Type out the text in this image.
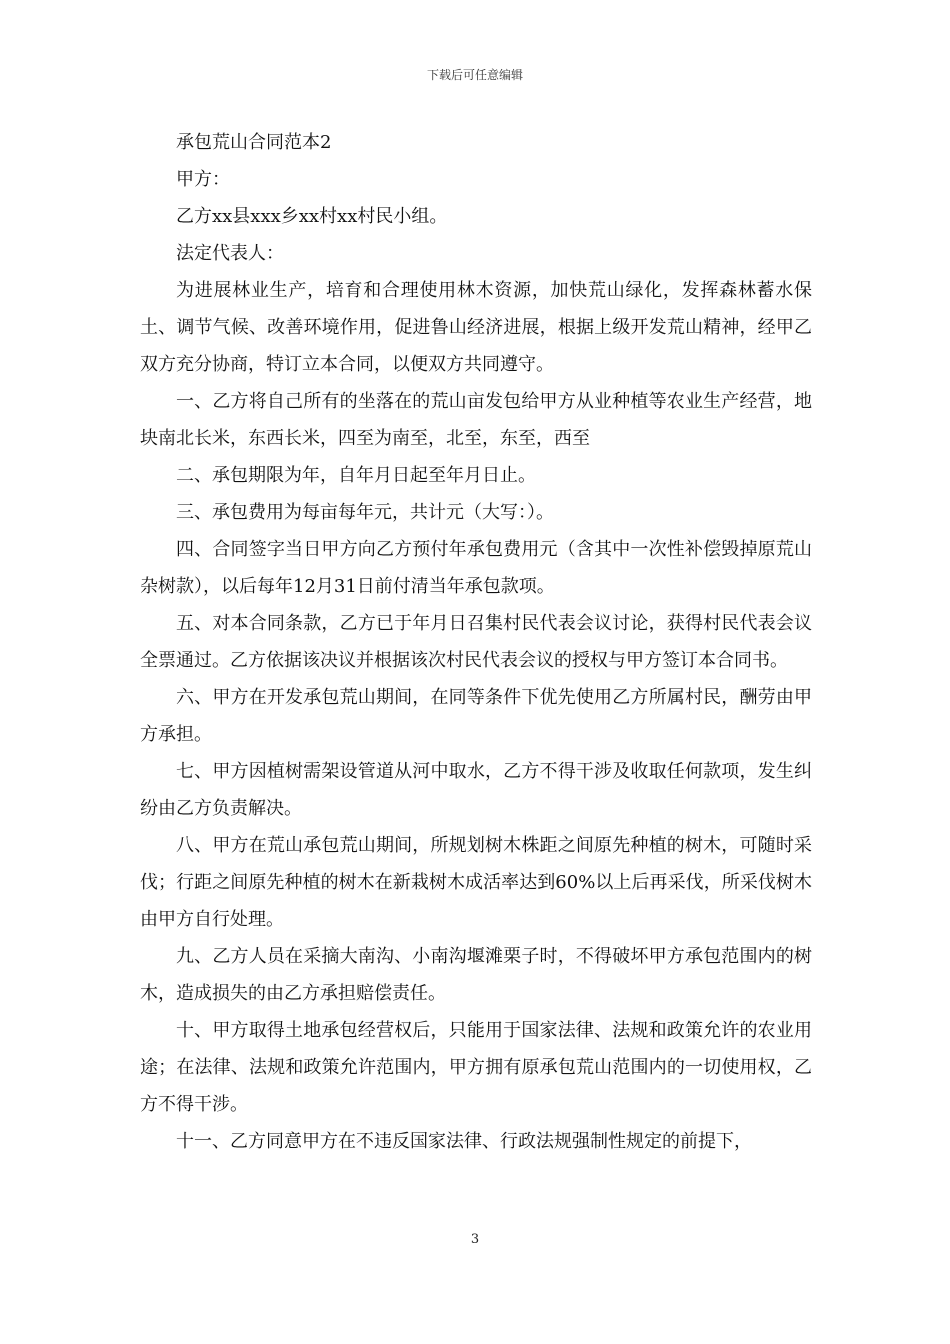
下载后可任意编辑

承包荒山合同范本2

甲方：

乙方xx县xxx乡xx村xx村民小组。

法定代表人：

为进展林业生产，培育和合理使用林木资源，加快荒山绿化，发挥森林蓄水保土、调节气候、改善环境作用，促进鲁山经济进展，根据上级开发荒山精神，经甲乙双方充分协商，特订立本合同，以便双方共同遵守。

一、乙方将自己所有的坐落在的荒山亩发包给甲方从业种植等农业生产经营，地块南北长米，东西长米，四至为南至，北至，东至，西至

二、承包期限为年，自年月日起至年月日止。

三、承包费用为每亩每年元，共计元（大写：）。

四、合同签字当日甲方向乙方预付年承包费用元（含其中一次性补偿毁掉原荒山杂树款），以后每年12月31日前付清当年承包款项。

五、对本合同条款，乙方已于年月日召集村民代表会议讨论，获得村民代表会议全票通过。乙方依据该决议并根据该次村民代表会议的授权与甲方签订本合同书。

六、甲方在开发承包荒山期间，在同等条件下优先使用乙方所属村民，酬劳由甲方承担。

七、甲方因植树需架设管道从河中取水，乙方不得干涉及收取任何款项，发生纠纷由乙方负责解决。

八、甲方在荒山承包荒山期间，所规划树木株距之间原先种植的树木，可随时采伐；行距之间原先种植的树木在新栽树木成活率达到60%以上后再采伐，所采伐树木由甲方自行处理。

九、乙方人员在采摘大南沟、小南沟堰滩栗子时，不得破坏甲方承包范围内的树木，造成损失的由乙方承担赔偿责任。

十、甲方取得土地承包经营权后，只能用于国家法律、法规和政策允许的农业用途；在法律、法规和政策允许范围内，甲方拥有原承包荒山范围内的一切使用权，乙方不得干涉。

十一、乙方同意甲方在不违反国家法律、行政法规强制性规定的前提下，

3
